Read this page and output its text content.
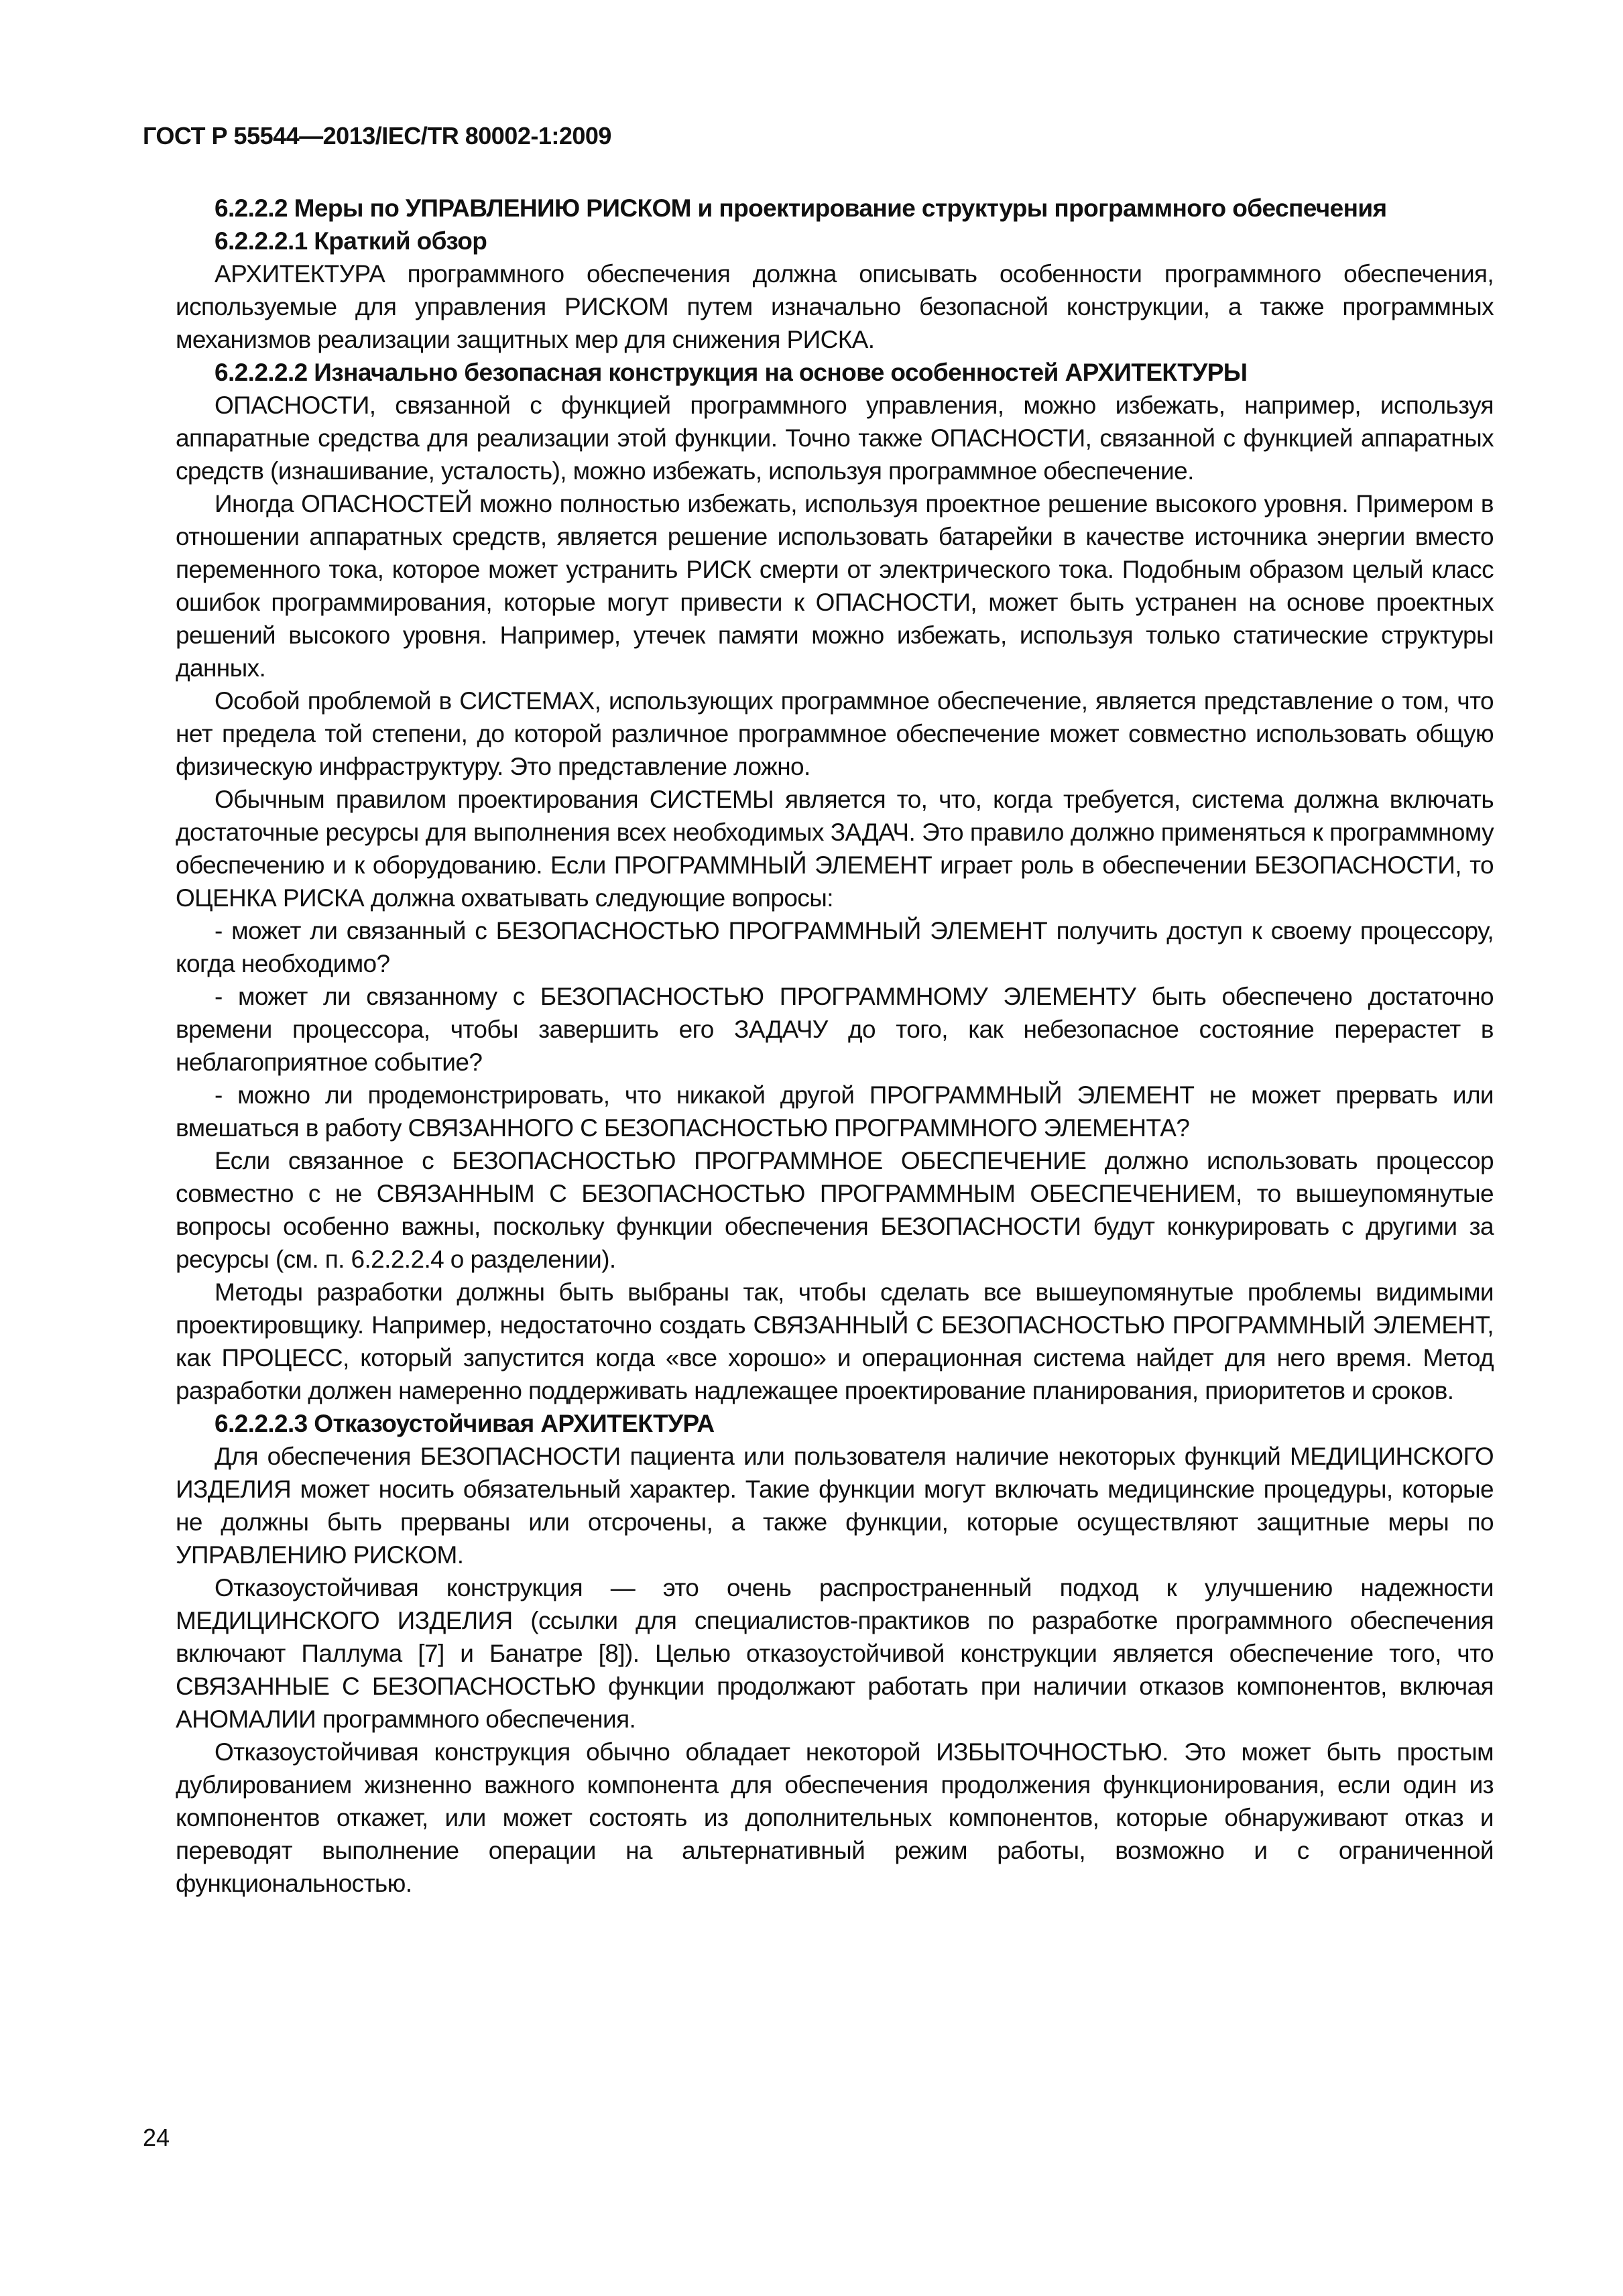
ГОСТ Р 55544—2013/IEC/TR 80002-1:2009

6.2.2.2 Меры по УПРАВЛЕНИЮ РИСКОМ и проектирование структуры программного обеспечения

6.2.2.2.1 Краткий обзор

АРХИТЕКТУРА программного обеспечения должна описывать особенности программного обеспечения, используемые для управления РИСКОМ путем изначально безопасной конструкции, а также программных механизмов реализации защитных мер для снижения РИСКА.

6.2.2.2.2 Изначально безопасная конструкция на основе особенностей АРХИТЕКТУРЫ

ОПАСНОСТИ, связанной с функцией программного управления, можно избежать, например, используя аппаратные средства для реализации этой функции. Точно также ОПАСНОСТИ, связанной с функцией аппаратных средств (изнашивание, усталость), можно избежать, используя программное обеспечение.

Иногда ОПАСНОСТЕЙ можно полностью избежать, используя проектное решение высокого уровня. Примером в отношении аппаратных средств, является решение использовать батарейки в качестве источника энергии вместо переменного тока, которое может устранить РИСК смерти от электрического тока. Подобным образом целый класс ошибок программирования, которые могут привести к ОПАСНОСТИ, может быть устранен на основе проектных решений высокого уровня. Например, утечек памяти можно избежать, используя только статические структуры данных.

Особой проблемой в СИСТЕМАХ, использующих программное обеспечение, является представление о том, что нет предела той степени, до которой различное программное обеспечение может совместно использовать общую физическую инфраструктуру. Это представление ложно.

Обычным правилом проектирования СИСТЕМЫ является то, что, когда требуется, система должна включать достаточные ресурсы для выполнения всех необходимых ЗАДАЧ. Это правило должно применяться к программному обеспечению и к оборудованию. Если ПРОГРАММНЫЙ ЭЛЕМЕНТ играет роль в обеспечении БЕЗОПАСНОСТИ, то ОЦЕНКА РИСКА должна охватывать следующие вопросы:

- может ли связанный с БЕЗОПАСНОСТЬЮ ПРОГРАММНЫЙ ЭЛЕМЕНТ получить доступ к своему процессору, когда необходимо?

- может ли связанному с БЕЗОПАСНОСТЬЮ ПРОГРАММНОМУ ЭЛЕМЕНТУ быть обеспечено достаточно времени процессора, чтобы завершить его ЗАДАЧУ до того, как небезопасное состояние перерастет в неблагоприятное событие?

- можно ли продемонстрировать, что никакой другой ПРОГРАММНЫЙ ЭЛЕМЕНТ не может прервать или вмешаться в работу СВЯЗАННОГО С БЕЗОПАСНОСТЬЮ ПРОГРАММНОГО ЭЛЕМЕНТА?

Если связанное с БЕЗОПАСНОСТЬЮ ПРОГРАММНОЕ ОБЕСПЕЧЕНИЕ должно использовать процессор совместно с не СВЯЗАННЫМ С БЕЗОПАСНОСТЬЮ ПРОГРАММНЫМ ОБЕСПЕЧЕНИЕМ, то вышеупомянутые вопросы особенно важны, поскольку функции обеспечения БЕЗОПАСНОСТИ будут конкурировать с другими за ресурсы (см. п. 6.2.2.2.4 о разделении).

Методы разработки должны быть выбраны так, чтобы сделать все вышеупомянутые проблемы видимыми проектировщику. Например, недостаточно создать СВЯЗАННЫЙ С БЕЗОПАСНОСТЬЮ ПРОГРАММНЫЙ ЭЛЕМЕНТ, как ПРОЦЕСС, который запустится когда «все хорошо» и операционная система найдет для него время. Метод разработки должен намеренно поддерживать надлежащее проектирование планирования, приоритетов и сроков.

6.2.2.2.3 Отказоустойчивая АРХИТЕКТУРА

Для обеспечения БЕЗОПАСНОСТИ пациента или пользователя наличие некоторых функций МЕДИЦИНСКОГО ИЗДЕЛИЯ может носить обязательный характер. Такие функции могут включать медицинские процедуры, которые не должны быть прерваны или отсрочены, а также функции, которые осуществляют защитные меры по УПРАВЛЕНИЮ РИСКОМ.

Отказоустойчивая конструкция — это очень распространенный подход к улучшению надежности МЕДИЦИНСКОГО ИЗДЕЛИЯ (ссылки для специалистов-практиков по разработке программного обеспечения включают Паллума [7] и Банатре [8]). Целью отказоустойчивой конструкции является обеспечение того, что СВЯЗАННЫЕ С БЕЗОПАСНОСТЬЮ функции продолжают работать при наличии отказов компонентов, включая АНОМАЛИИ программного обеспечения.

Отказоустойчивая конструкция обычно обладает некоторой ИЗБЫТОЧНОСТЬЮ. Это может быть простым дублированием жизненно важного компонента для обеспечения продолжения функционирования, если один из компонентов откажет, или может состоять из дополнительных компонентов, которые обнаруживают отказ и переводят выполнение операции на альтернативный режим работы, возможно и с ограниченной функциональностью.

24
